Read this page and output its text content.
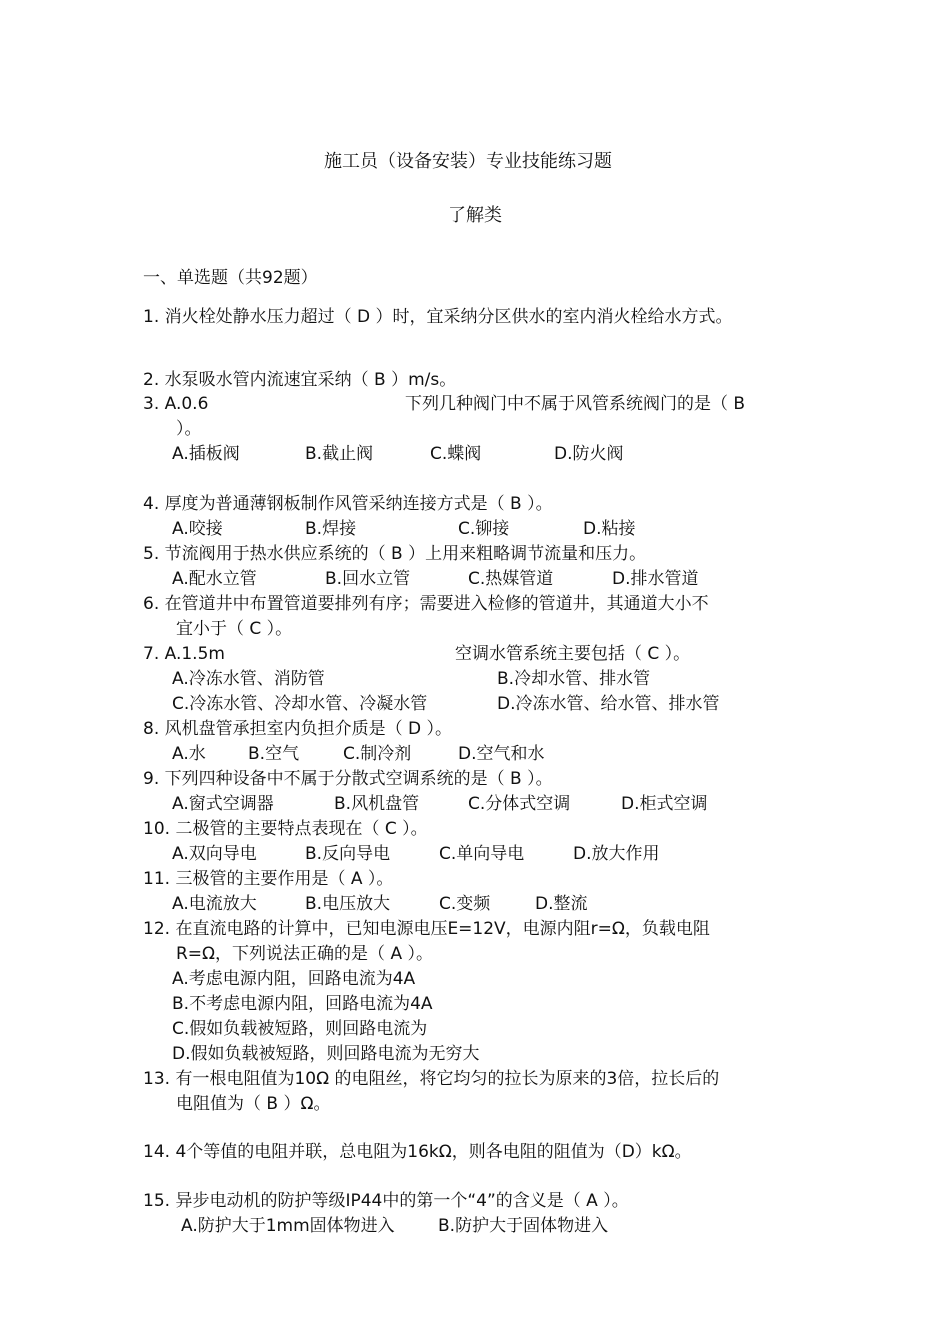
施工员（设备安装）专业技能练习题
了解类
一、单选题（共92题）
1. 消火栓处静水压力超过（ D ）时，宜采纳分区供水的室内消火栓给水方式。
2. 水泵吸水管内流速宜采纳（ B ）m/s。
3. A.0.6	下列几种阀门中不属于风管系统阀门的是（ B
）。
A.插板阀	B.截止阀	C.蝶阀	D.防火阀
4. 厚度为普通薄钢板制作风管采纳连接方式是（ B ）。
A.咬接	B.焊接	C.铆接	D.粘接
5. 节流阀用于热水供应系统的（ B ）上用来粗略调节流量和压力。
A.配水立管	B.回水立管	C.热媒管道	D.排水管道
6. 在管道井中布置管道要排列有序；需要进入检修的管道井，其通道大小不
宜小于（ C ）。
7. A.1.5m	空调水管系统主要包括（ C ）。
A.冷冻水管、消防管	B.冷却水管、排水管
C.冷冻水管、冷却水管、冷凝水管	D.冷冻水管、给水管、排水管
8. 风机盘管承担室内负担介质是（ D ）。
A.水 B.空气	C.制冷剂	D.空气和水
9. 下列四种设备中不属于分散式空调系统的是（ B ）。
A.窗式空调器	B.风机盘管	C.分体式空调	D.柜式空调
10. 二极管的主要特点表现在（ C ）。
A.双向导电	B.反向导电	C.单向导电	D.放大作用
11. 三极管的主要作用是（ A ）。
A.电流放大	B.电压放大	C.变频	D.整流
12. 在直流电路的计算中，已知电源电压E=12V，电源内阻r=Ω，负载电阻
R=Ω，下列说法正确的是（ A ）。
A.考虑电源内阻，回路电流为4A
B.不考虑电源内阻，回路电流为4A
C.假如负载被短路，则回路电流为
D.假如负载被短路，则回路电流为无穷大
13. 有一根电阻值为10Ω 的电阻丝，将它均匀的拉长为原来的3倍，拉长后的
电阻值为（ B ）Ω。
14. 4个等值的电阻并联，总电阻为16kΩ，则各电阻的阻值为（D）kΩ。
15. 异步电动机的防护等级IP44中的第一个“4”的含义是（ A ）。
A.防护大于1mm固体物进入	B.防护大于固体物进入
